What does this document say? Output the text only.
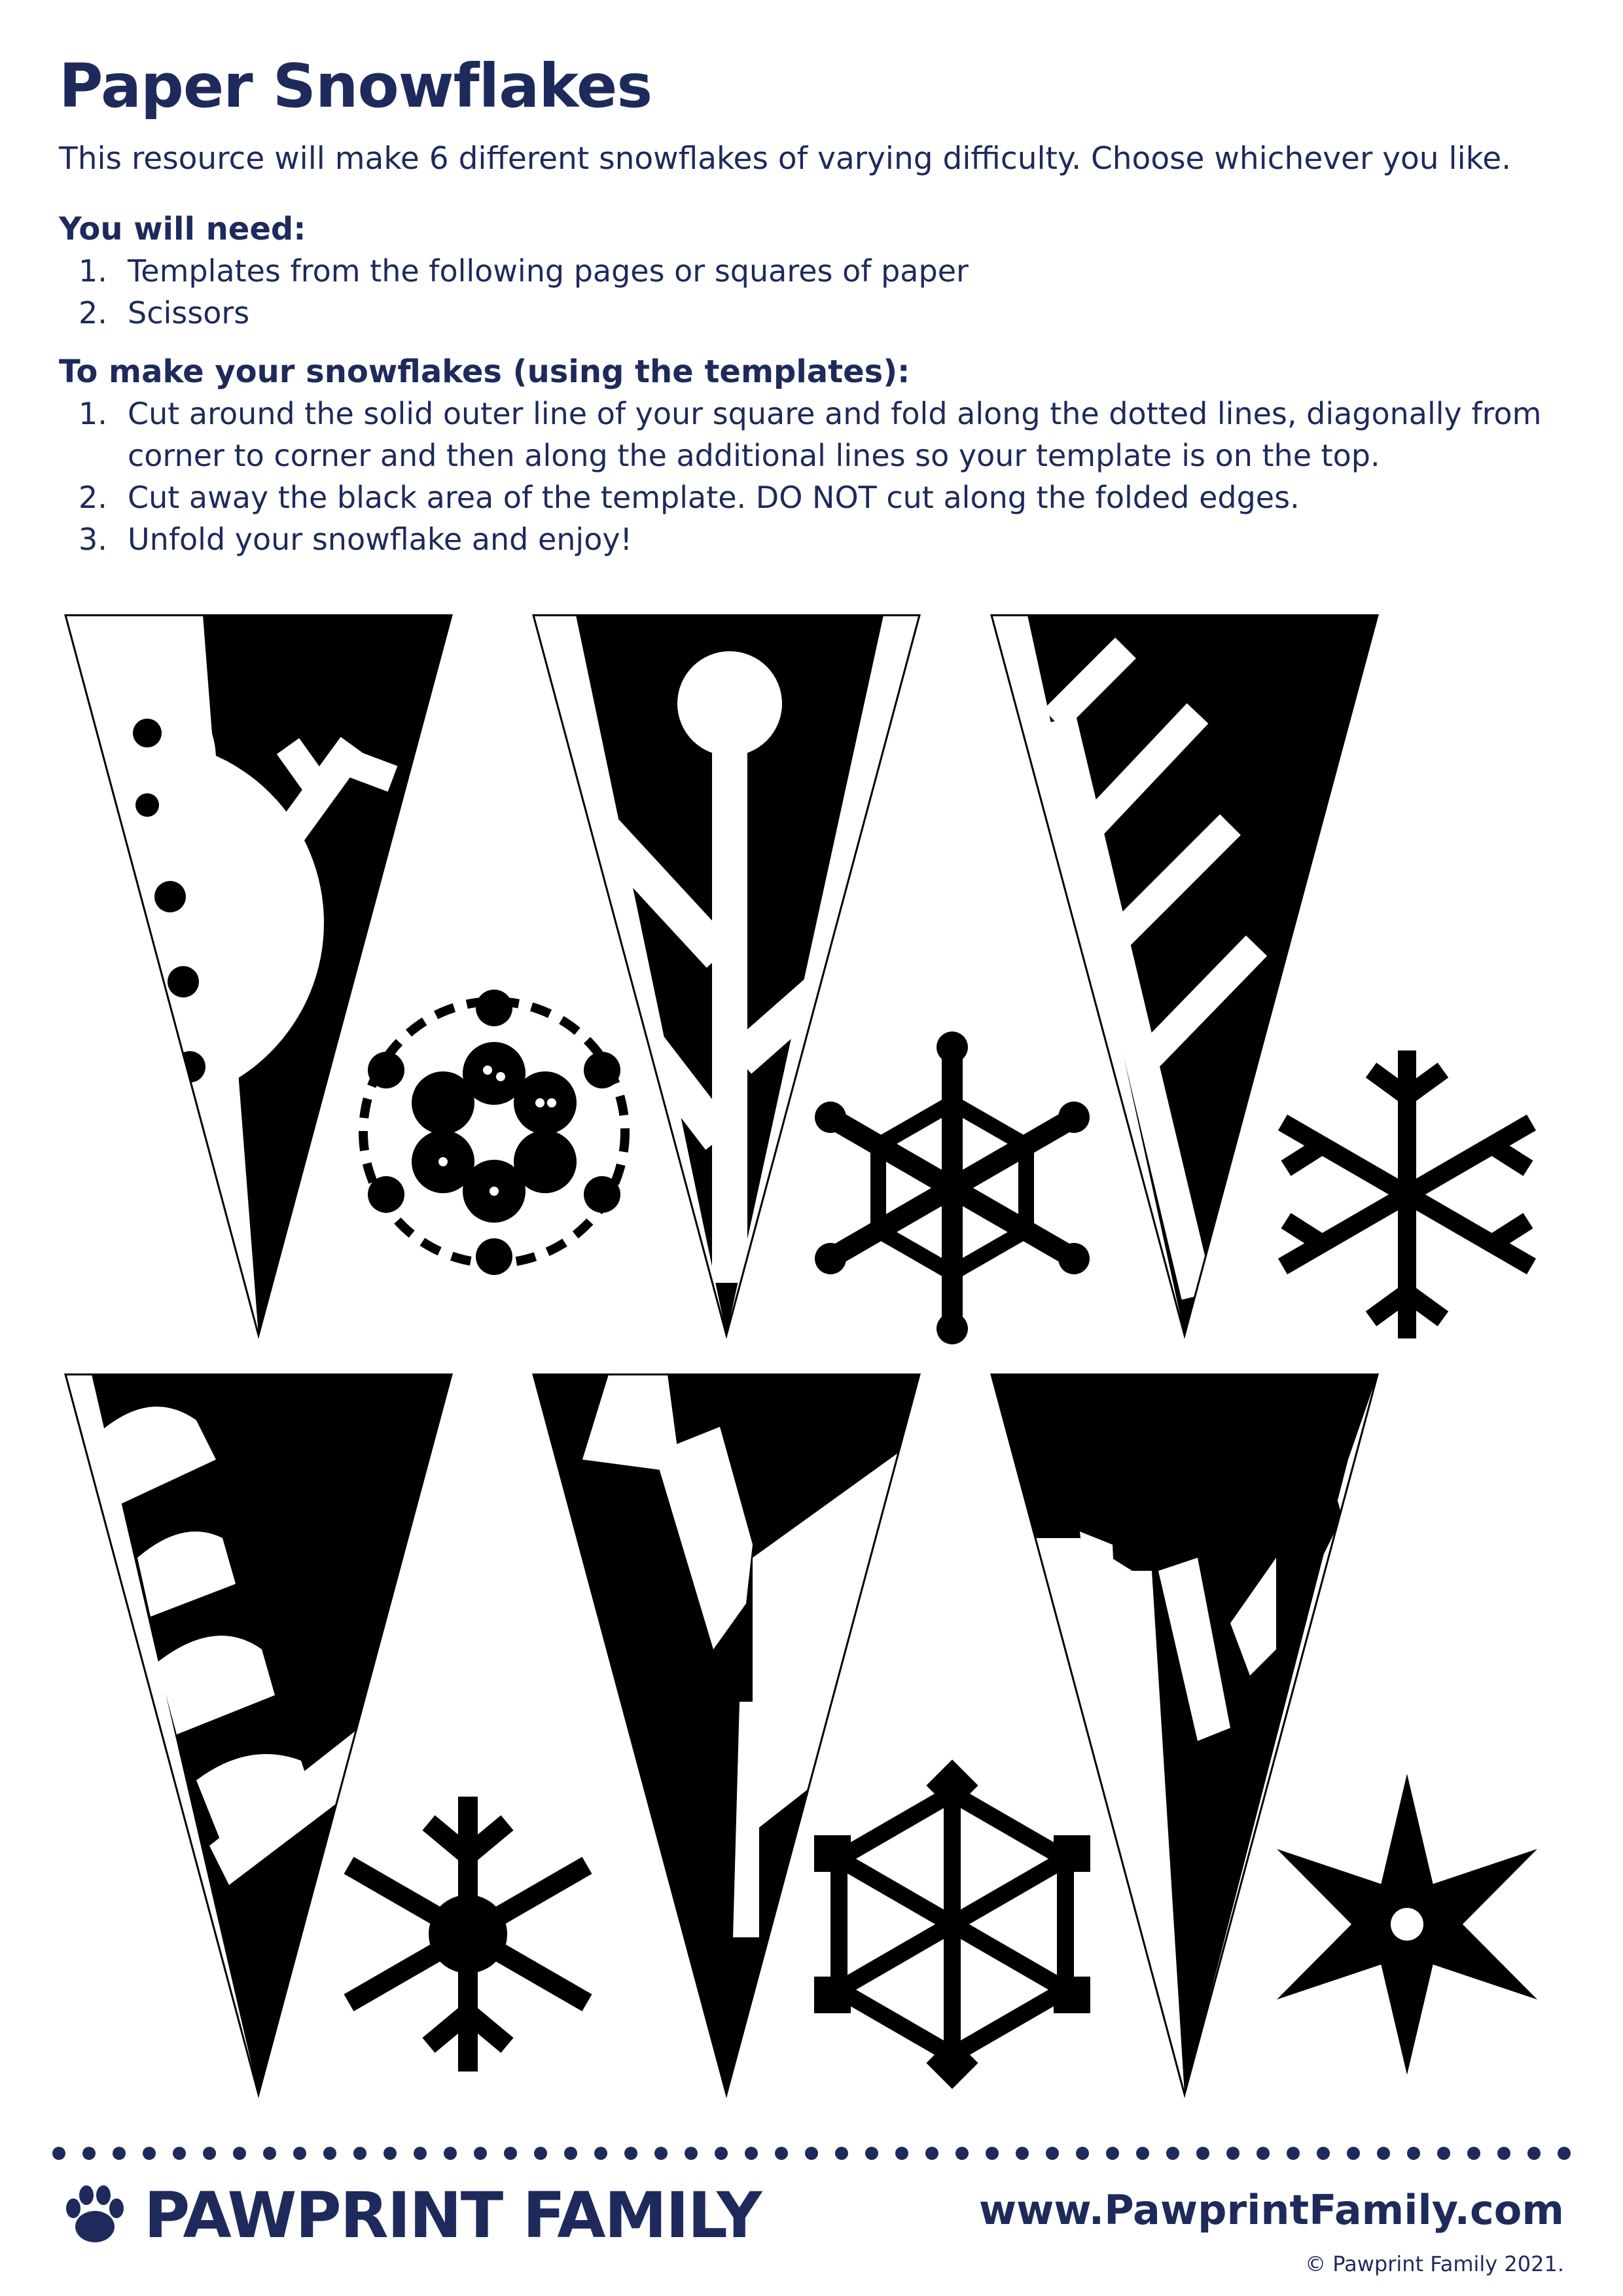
Paper Snowflakes
This resource will make 6 different snowflakes of varying difficulty. Choose whichever you like.
You will need:
1. Templates from the following pages or squares of paper
2. Scissors
To make your snowflakes (using the templates):
1. Cut around the solid outer line of your square and fold along the dotted lines, diagonally from corner to corner and then along the additional lines so your template is on the top.
2. Cut away the black area of the template. DO NOT cut along the folded edges.
3. Unfold your snowflake and enjoy!
PAWPRINT FAMILY	www.PawprintFamily.com
© Pawprint Family 2021.
